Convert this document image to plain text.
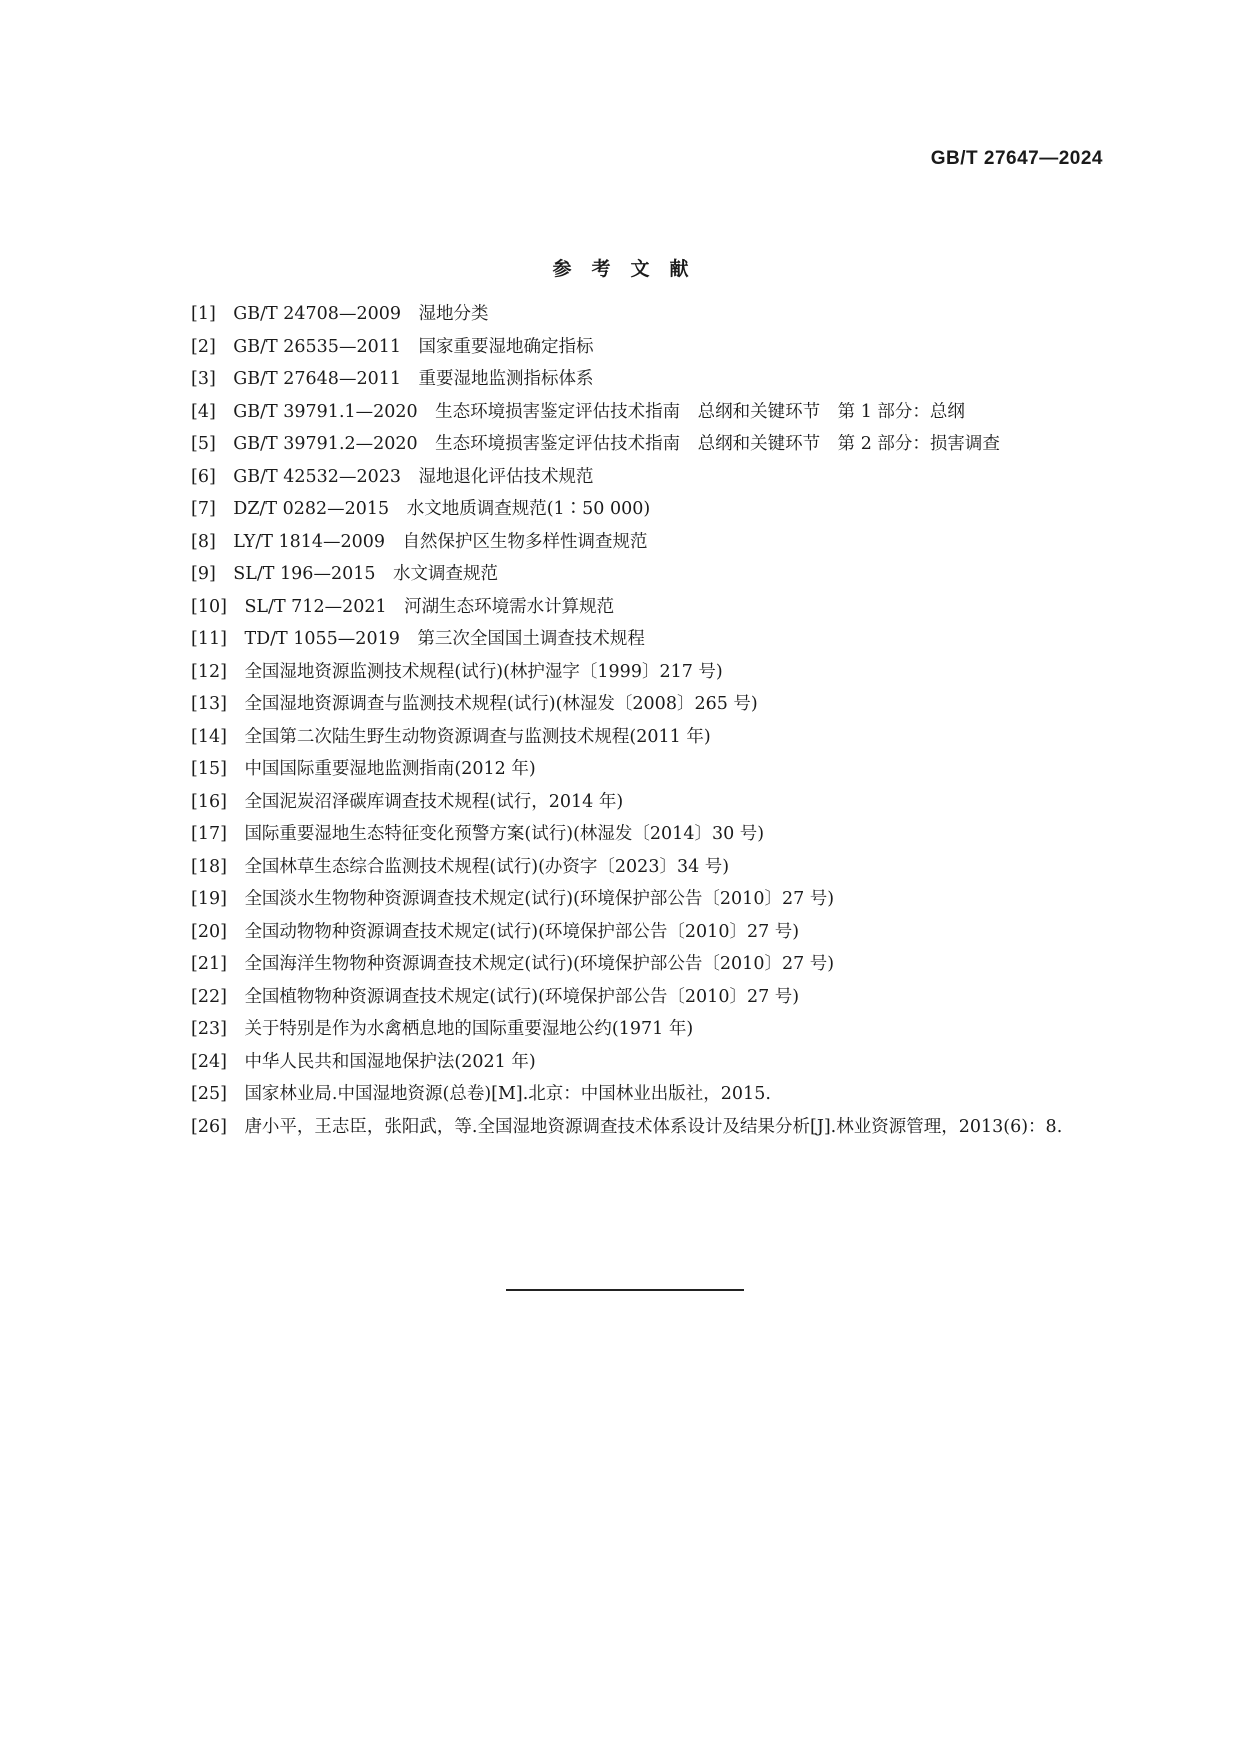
GB/T 27647—2024
参考文献
[1]　 GB/T 24708—2009　湿地分类
[2]　 GB/T 26535—2011　国家重要湿地确定指标
[3]　 GB/T 27648—2011　重要湿地监测指标体系
[4]　 GB/T 39791.1—2020　生态环境损害鉴定评估技术指南　总纲和关键环节　第 1 部分：总纲
[5]　 GB/T 39791.2—2020　生态环境损害鉴定评估技术指南　总纲和关键环节　第 2 部分：损害调查
[6]　 GB/T 42532—2023　湿地退化评估技术规范
[7]　 DZ/T 0282—2015　水文地质调查规范(1∶50 000)
[8]　 LY/T 1814—2009　自然保护区生物多样性调查规范
[9]　 SL/T 196—2015　水文调查规范
[10]　 SL/T 712—2021　河湖生态环境需水计算规范
[11]　 TD/T 1055—2019　第三次全国国土调查技术规程
[12]　 全国湿地资源监测技术规程(试行)(林护湿字〔1999〕217 号)
[13]　 全国湿地资源调查与监测技术规程(试行)(林湿发〔2008〕265 号)
[14]　 全国第二次陆生野生动物资源调查与监测技术规程(2011 年)
[15]　 中国国际重要湿地监测指南(2012 年)
[16]　 全国泥炭沼泽碳库调查技术规程(试行，2014 年)
[17]　 国际重要湿地生态特征变化预警方案(试行)(林湿发〔2014〕30 号)
[18]　 全国林草生态综合监测技术规程(试行)(办资字〔2023〕34 号)
[19]　 全国淡水生物物种资源调查技术规定(试行)(环境保护部公告〔2010〕27 号)
[20]　 全国动物物种资源调查技术规定(试行)(环境保护部公告〔2010〕27 号)
[21]　 全国海洋生物物种资源调查技术规定(试行)(环境保护部公告〔2010〕27 号)
[22]　 全国植物物种资源调查技术规定(试行)(环境保护部公告〔2010〕27 号)
[23]　 关于特别是作为水禽栖息地的国际重要湿地公约(1971 年)
[24]　 中华人民共和国湿地保护法(2021 年)
[25]　 国家林业局.中国湿地资源(总卷)[M].北京：中国林业出版社，2015.
[26]　 唐小平，王志臣，张阳武，等.全国湿地资源调查技术体系设计及结果分析[J].林业资源管理，2013(6)：8.
